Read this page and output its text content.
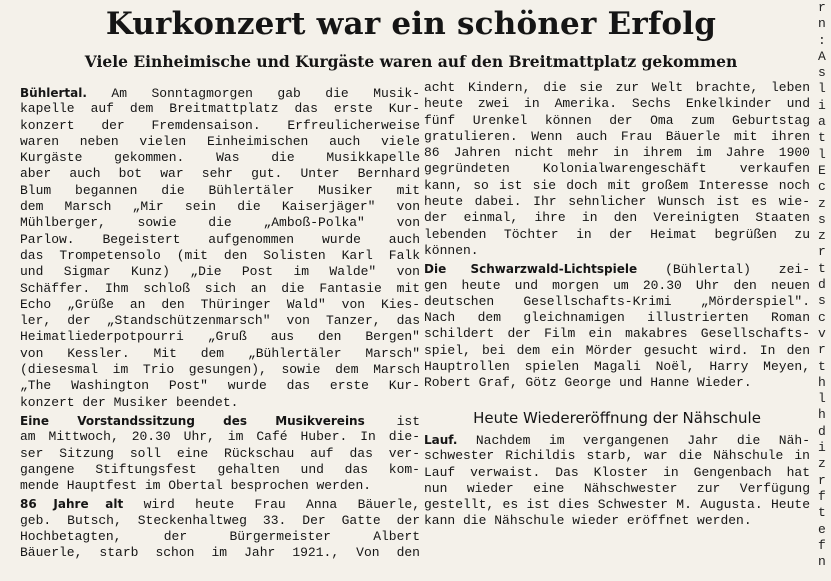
Kurkonzert war ein schöner Erfolg
Viele Einheimische und Kurgäste waren auf den Breitmattplatz gekommen
Bühlertal. Am Sonntagmorgen gab die Musik-
kapelle auf dem Breitmattplatz das erste Kur-
konzert der Fremdensaison. Erfreulicherweise
waren neben vielen Einheimischen auch viele
Kurgäste gekommen. Was die Musikkapelle
aber auch bot war sehr gut. Unter Bernhard
Blum begannen die Bühlertäler Musiker mit
dem Marsch „Mir sein die Kaiserjäger" von
Mühlberger, sowie die „Amboß-Polka" von
Parlow. Begeistert aufgenommen wurde auch
das Trompetensolo (mit den Solisten Karl Falk
und Sigmar Kunz) „Die Post im Walde" von
Schäffer. Ihm schloß sich an die Fantasie mit
Echo „Grüße an den Thüringer Wald" von Kies-
ler, der „Standschützenmarsch" von Tanzer, das
Heimatliederpotpourri „Gruß aus den Bergen"
von Kessler. Mit dem „Bühlertäler Marsch"
(diesesmal im Trio gesungen), sowie dem Marsch
„The Washington Post" wurde das erste Kur-
konzert der Musiker beendet.
Eine Vorstandssitzung des Musikvereins ist
am Mittwoch, 20.30 Uhr, im Café Huber. In die-
ser Sitzung soll eine Rückschau auf das ver-
gangene Stiftungsfest gehalten und das kom-
mende Hauptfest im Obertal besprochen werden.
86 Jahre alt wird heute Frau Anna Bäuerle,
geb. Butsch, Steckenhaltweg 33. Der Gatte der
Hochbetagten, der Bürgermeister Albert
Bäuerle, starb schon im Jahr 1921., Von den
acht Kindern, die sie zur Welt brachte, leben
heute zwei in Amerika. Sechs Enkelkinder und
fünf Urenkel können der Oma zum Geburtstag
gratulieren. Wenn auch Frau Bäuerle mit ihren
86 Jahren nicht mehr in ihrem im Jahre 1900
gegründeten Kolonialwarengeschäft verkaufen
kann, so ist sie doch mit großem Interesse noch
heute dabei. Ihr sehnlicher Wunsch ist es wie-
der einmal, ihre in den Vereinigten Staaten
lebenden Töchter in der Heimat begrüßen zu
können.
Die Schwarzwald-Lichtspiele (Bühlertal) zei-
gen heute und morgen um 20.30 Uhr den neuen
deutschen Gesellschafts-Krimi „Mörderspiel".
Nach dem gleichnamigen illustrierten Roman
schildert der Film ein makabres Gesellschafts-
spiel, bei dem ein Mörder gesucht wird. In den
Hauptrollen spielen Magali Noël, Harry Meyen,
Robert Graf, Götz George und Hanne Wieder.
Heute Wiedereröffnung der Nähschule
Lauf. Nachdem im vergangenen Jahr die Näh-
schwester Richildis starb, war die Nähschule in
Lauf verwaist. Das Kloster in Gengenbach hat
nun wieder eine Nähschwester zur Verfügung
gestellt, es ist dies Schwester M. Augusta. Heute
kann die Nähschule wieder eröffnet werden.
r
n
:
A
s
l
i
a
t
l
E
c
z
s
z
r
t
d
s
c
v
r
t
h
l
h
d
i
z
r
f
t
e
f
n
